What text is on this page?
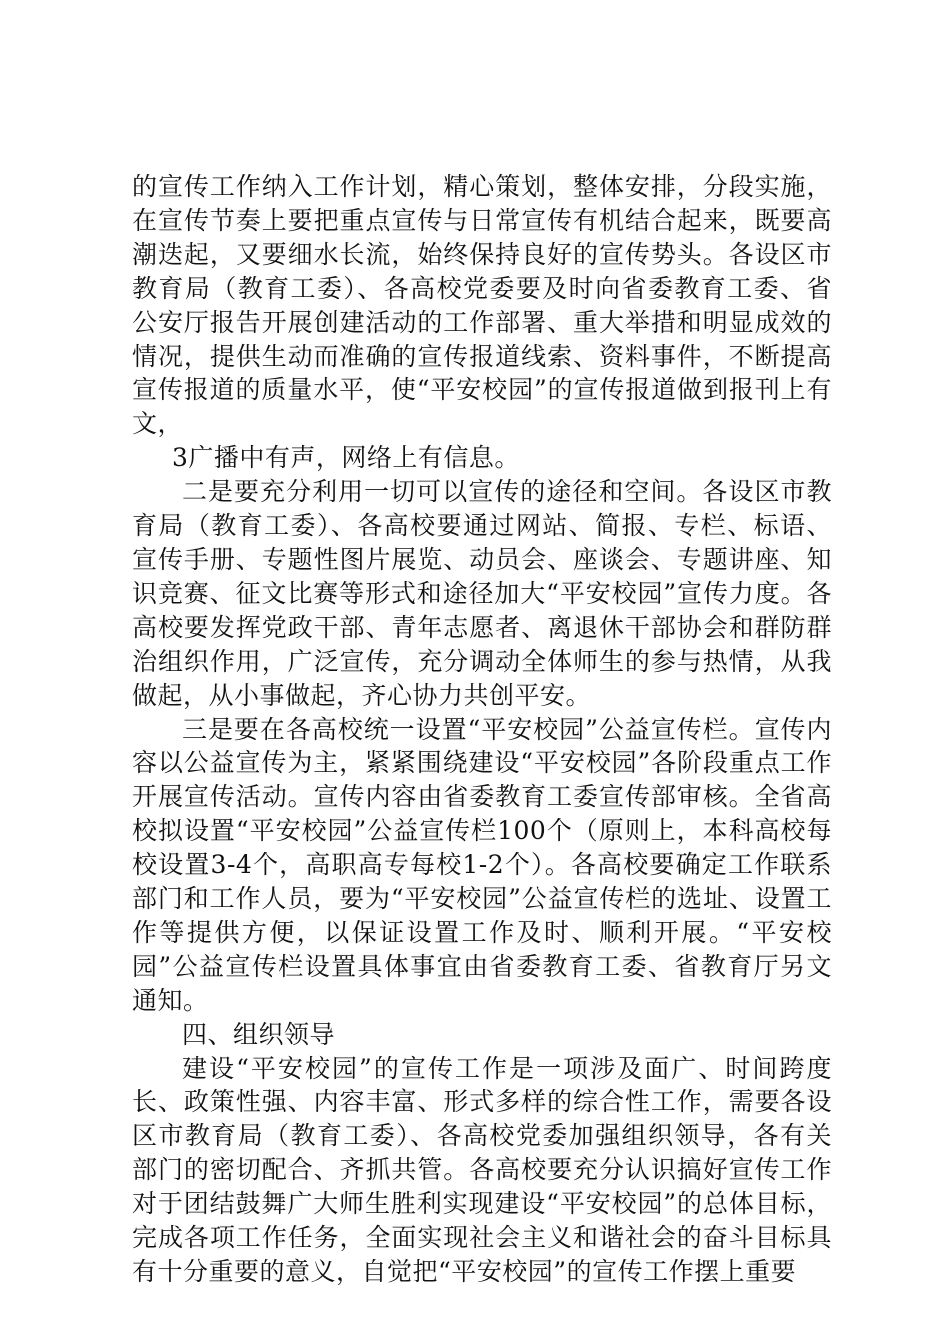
的宣传工作纳入工作计划，精心策划，整体安排，分段实施，在宣传节奏上要把重点宣传与日常宣传有机结合起来，既要高潮迭起，又要细水长流，始终保持良好的宣传势头。各设区市教育局（教育工委）、各高校党委要及时向省委教育工委、省公安厅报告开展创建活动的工作部署、重大举措和明显成效的情况，提供生动而准确的宣传报道线索、资料事件，不断提高宣传报道的质量水平，使“平安校园”的宣传报道做到报刊上有文，

3广播中有声，网络上有信息。

二是要充分利用一切可以宣传的途径和空间。各设区市教育局（教育工委）、各高校要通过网站、简报、专栏、标语、宣传手册、专题性图片展览、动员会、座谈会、专题讲座、知识竞赛、征文比赛等形式和途径加大“平安校园”宣传力度。各高校要发挥党政干部、青年志愿者、离退休干部协会和群防群治组织作用，广泛宣传，充分调动全体师生的参与热情，从我做起，从小事做起，齐心协力共创平安。

三是要在各高校统一设置“平安校园”公益宣传栏。宣传内容以公益宣传为主，紧紧围绕建设“平安校园”各阶段重点工作开展宣传活动。宣传内容由省委教育工委宣传部审核。全省高校拟设置“平安校园”公益宣传栏100个（原则上，本科高校每校设置3-4个，高职高专每校1-2个）。各高校要确定工作联系部门和工作人员，要为“平安校园”公益宣传栏的选址、设置工作等提供方便，以保证设置工作及时、顺利开展。“平安校园”公益宣传栏设置具体事宜由省委教育工委、省教育厅另文通知。

四、组织领导

建设“平安校园”的宣传工作是一项涉及面广、时间跨度长、政策性强、内容丰富、形式多样的综合性工作，需要各设区市教育局（教育工委）、各高校党委加强组织领导，各有关部门的密切配合、齐抓共管。各高校要充分认识搞好宣传工作对于团结鼓舞广大师生胜利实现建设“平安校园”的总体目标，完成各项工作任务，全面实现社会主义和谐社会的奋斗目标具有十分重要的意义，自觉把“平安校园”的宣传工作摆上重要
